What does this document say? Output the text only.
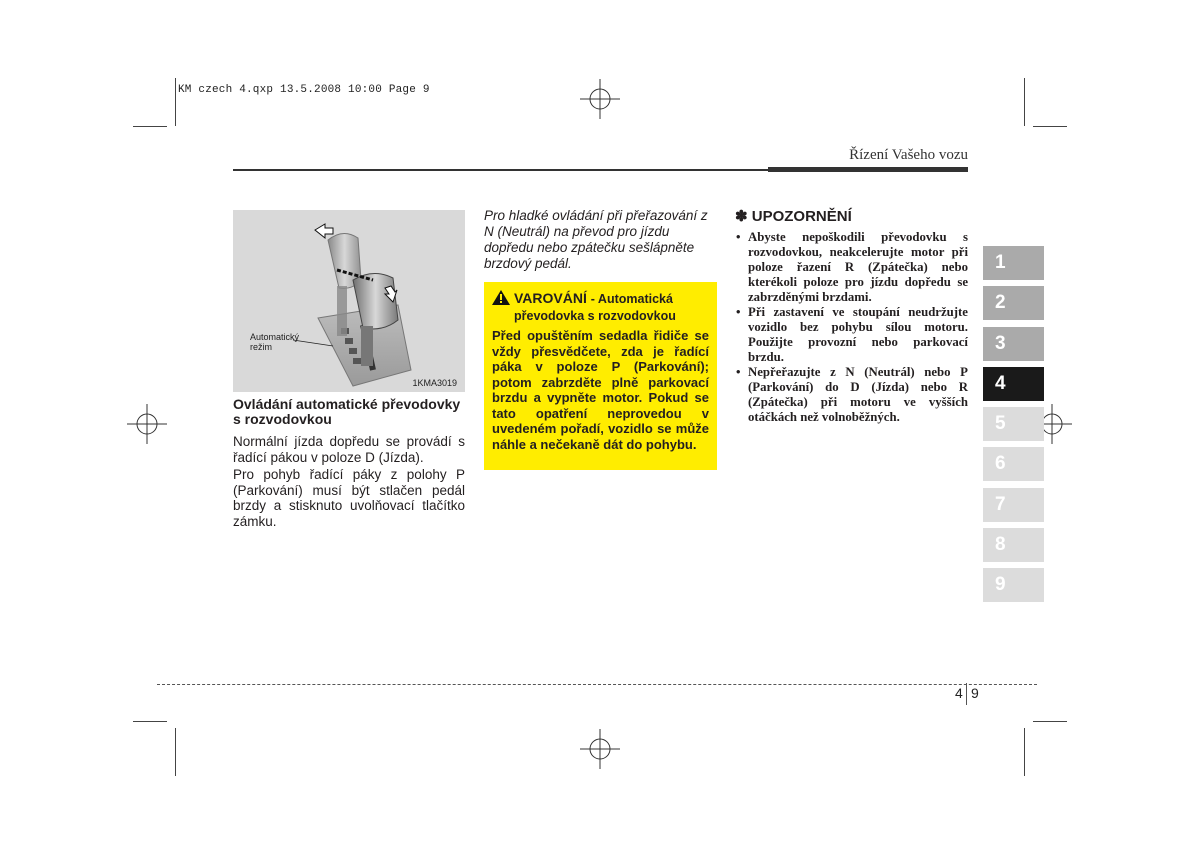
KM czech 4.qxp 13.5.2008 10:00 Page 9
Řízení Vašeho vozu
Automatický
režim
1KMA3019
Ovládání automatické převodovky s rozvodovkou
Normální jízda dopředu se provádí s řadící pákou v poloze D (Jízda).
Pro pohyb řadící páky z polohy P (Parkování) musí být stlačen pedál brzdy a stisknuto uvolňovací tlačítko zámku.
Pro hladké ovládání při přeřazování z N (Neutrál) na převod pro jízdu dopředu nebo zpátečku sešlápněte brzdový pedál.
VAROVÁNÍ - Automatická
převodovka s rozvodovkou
Před opuštěním sedadla řidiče se vždy přesvědčete, zda je řadící páka v poloze P (Parkování); potom zabrzděte plně parkovací brzdu a vypněte motor. Pokud se tato opatření neprovedou v uvedeném pořadí, vozidlo se může náhle a nečekaně dát do pohybu.
✽ UPOZORNĚNÍ
• Abyste nepoškodili převodovku s rozvodovkou, neakcelerujte motor při poloze řazení R (Zpátečka) nebo kterékoli poloze pro jízdu dopředu se zabrzděnými brzdami.
• Při zastavení ve stoupání neudržujte vozidlo bez pohybu sílou motoru. Použijte provozní nebo parkovací brzdu.
• Nepřeřazujte z N (Neutrál) nebo P (Parkování) do D (Jízda) nebo R (Zpátečka) při motoru ve vyšších otáčkách než volnoběžných.
1
2
3
4
5
6
7
8
9
4 9
